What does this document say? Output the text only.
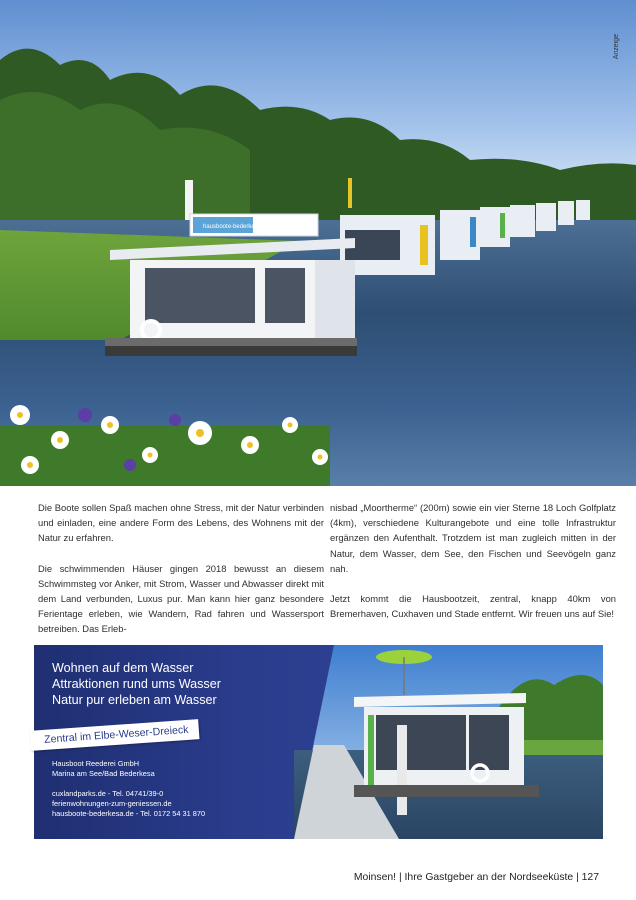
hausboote-bederkesa.de
Anzeige

Die Boote sollen Spaß machen ohne Stress, mit der Natur verbinden und einladen, eine andere Form des Lebens, des Wohnens mit der Natur zu erfahren.

Die schwimmenden Häuser gingen 2018 bewusst an diesem Schwimmsteg vor Anker, mit Strom, Wasser und Abwasser direkt mit dem Land verbunden, Luxus pur. Man kann hier ganz besondere Ferientage erleben, wie Wandern, Rad fahren und Wassersport betreiben. Das Erleb-

nisbad „Moortherme“ (200m) sowie ein vier Sterne 18 Loch Golfplatz (4km), verschiedene Kulturangebote und eine tolle Infrastruktur ergänzen den Aufenthalt. Trotzdem ist man zugleich mitten in der Natur, dem Wasser, dem See, den Fischen und Seevögeln ganz nah.

Jetzt kommt die Hausbootzeit, zentral, knapp 40km von Bremerhaven, Cuxhaven und Stade entfernt. Wir freuen uns auf Sie!

Wohnen auf dem Wasser
Attraktionen rund ums Wasser
Natur pur erleben am Wasser
Zentral im Elbe-Weser-Dreieck
Hausboot Reederei GmbH
Marina am See/Bad Bederkesa
cuxlandparks.de - Tel. 04741/39-0
ferienwohnungen-zum-geniessen.de
hausboote-bederkesa.de - Tel. 0172 54 31 870
Moinsen! | Ihre Gastgeber an der Nordseeküste | 127
